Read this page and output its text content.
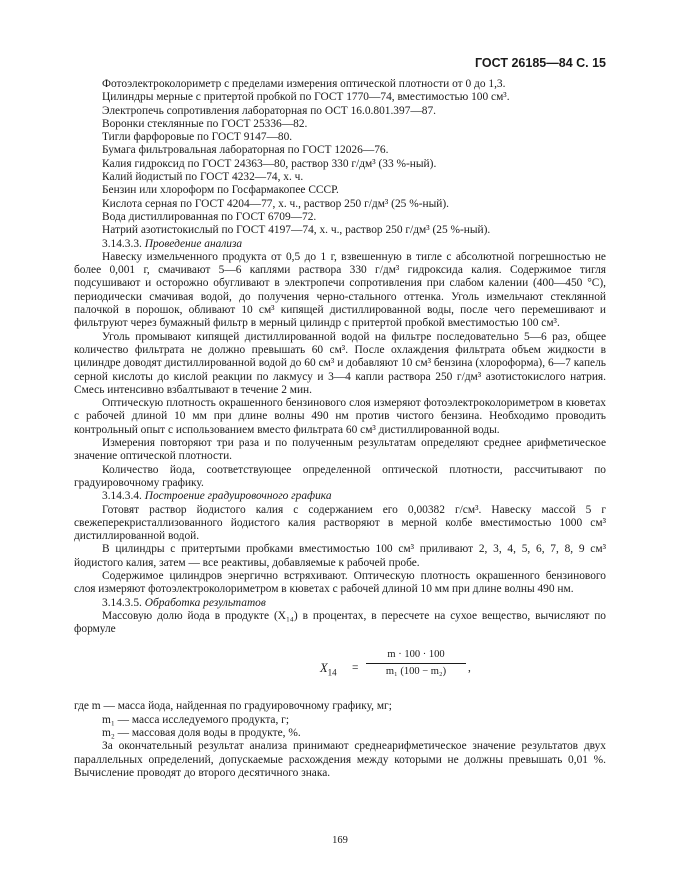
ГОСТ 26185—84 С. 15

Фотоэлектроколориметр с пределами измерения оптической плотности от 0 до 1,3.

Цилиндры мерные с притертой пробкой по ГОСТ 1770—74, вместимостью 100 см³.

Электропечь сопротивления лабораторная по ОСТ 16.0.801.397—87.

Воронки стеклянные по ГОСТ 25336—82.

Тигли фарфоровые по ГОСТ 9147—80.

Бумага фильтровальная лабораторная по ГОСТ 12026—76.

Калия гидроксид по ГОСТ 24363—80, раствор 330 г/дм³ (33 %-ный).

Калий йодистый по ГОСТ 4232—74, х. ч.

Бензин или хлороформ по Госфармакопее СССР.

Кислота серная по ГОСТ 4204—77, х. ч., раствор 250 г/дм³ (25 %-ный).

Вода дистиллированная по ГОСТ 6709—72.

Натрий азотистокислый по ГОСТ 4197—74, х. ч., раствор 250 г/дм³ (25 %-ный).

3.14.3.3. Проведение анализа

Навеску измельченного продукта от 0,5 до 1 г, взвешенную в тигле с абсолютной погрешностью не более 0,001 г, смачивают 5—6 каплями раствора 330 г/дм³ гидроксида калия. Содержимое тигля подсушивают и осторожно обугливают в электропечи сопротивления при слабом калении (400—450 °С), периодически смачивая водой, до получения черно-стального оттенка. Уголь измельчают стеклянной палочкой в порошок, обливают 10 см³ кипящей дистиллированной воды, после чего перемешивают и фильтруют через бумажный фильтр в мерный цилиндр с притертой пробкой вместимостью 100 см³.

Уголь промывают кипящей дистиллированной водой на фильтре последовательно 5—6 раз, общее количество фильтрата не должно превышать 60 см³. После охлаждения фильтрата объем жидкости в цилиндре доводят дистиллированной водой до 60 см³ и добавляют 10 см³ бензина (хлороформа), 6—7 капель серной кислоты до кислой реакции по лакмусу и 3—4 капли раствора 250 г/дм³ азотистокислого натрия. Смесь интенсивно взбалтывают в течение 2 мин.

Оптическую плотность окрашенного бензинового слоя измеряют фотоэлектроколориметром в кюветах с рабочей длиной 10 мм при длине волны 490 нм против чистого бензина. Необходимо проводить контрольный опыт с использованием вместо фильтрата 60 см³ дистиллированной воды.

Измерения повторяют три раза и по полученным результатам определяют среднее арифметическое значение оптической плотности.

Количество йода, соответствующее определенной оптической плотности, рассчитывают по градуировочному графику.

3.14.3.4. Построение градуировочного графика

Готовят раствор йодистого калия с содержанием его 0,00382 г/см³. Навеску массой 5 г свежеперекристаллизованного йодистого калия растворяют в мерной колбе вместимостью 1000 см³ дистиллированной водой.

В цилиндры с притертыми пробками вместимостью 100 см³ приливают 2, 3, 4, 5, 6, 7, 8, 9 см³ йодистого калия, затем — все реактивы, добавляемые к рабочей пробе.

Содержимое цилиндров энергично встряхивают. Оптическую плотность окрашенного бензинового слоя измеряют фотоэлектроколориметром в кюветах с рабочей длиной 10 мм при длине волны 490 нм.

3.14.3.5. Обработка результатов

Массовую долю йода в продукте (X₁₄) в процентах, в пересчете на сухое вещество, вычисляют по формуле

$X_{14} = \frac{m \cdot 100 \cdot 100}{\text{m₁ (100 − m₂)}}$ ,

где m — масса йода, найденная по градуировочному графику, мг;

m₁ — масса исследуемого продукта, г;

m₂ — массовая доля воды в продукте, %.

За окончательный результат анализа принимают среднеарифметическое значение результатов двух параллельных определений, допускаемые расхождения между которыми не должны превышать 0,01 %. Вычисление проводят до второго десятичного знака.

169
